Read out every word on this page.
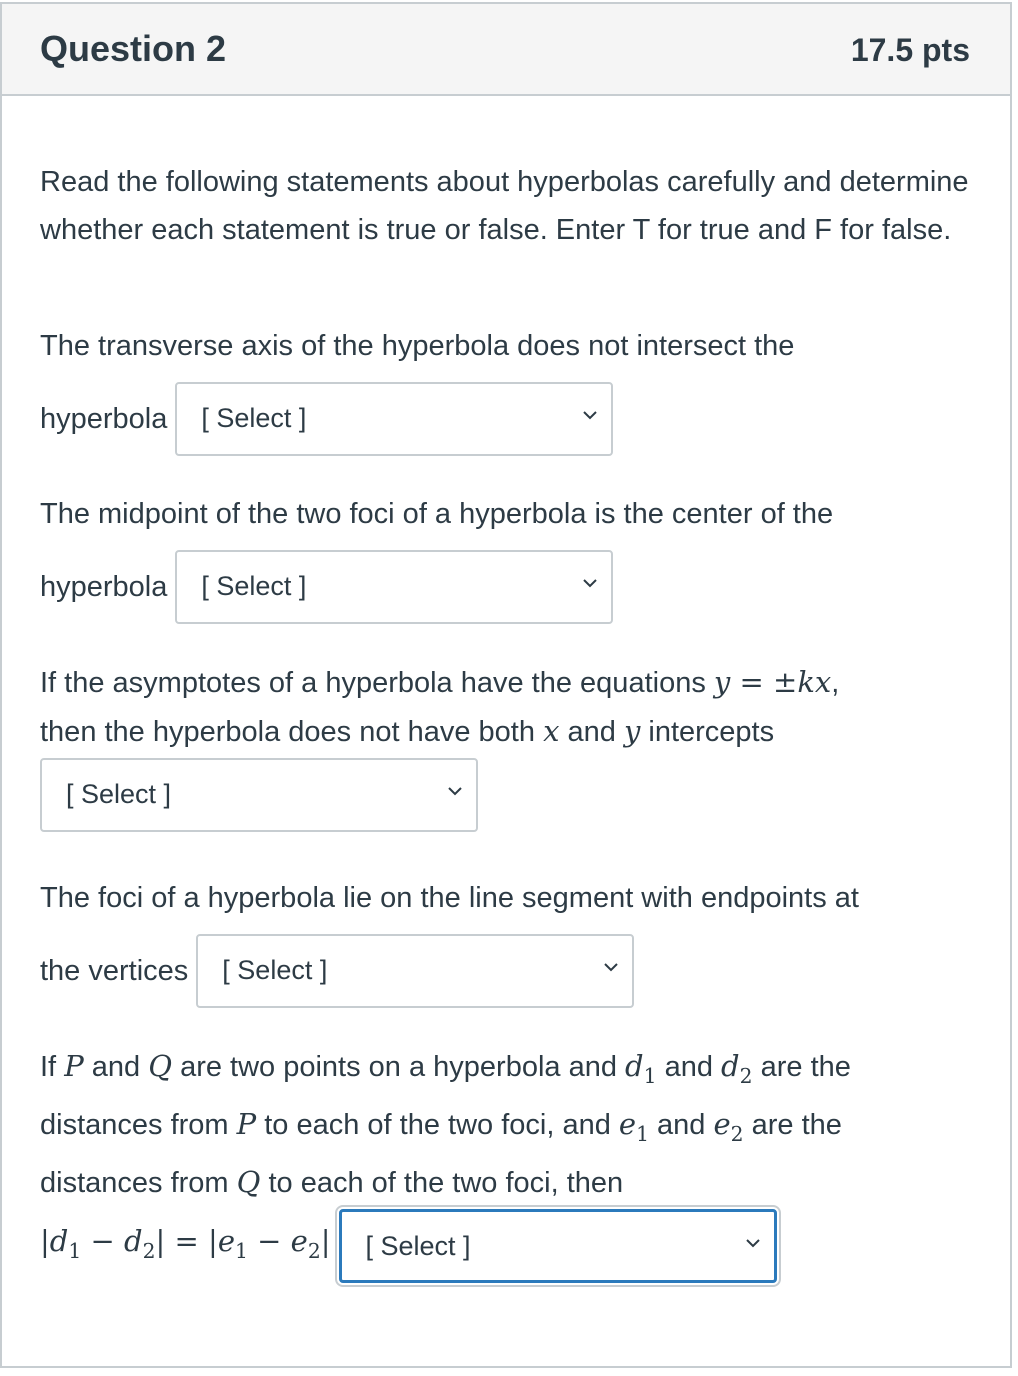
Question 2	17.5 pts
Read the following statements about hyperbolas carefully and determine whether each statement is true or false. Enter T for true and F for false.
The transverse axis of the hyperbola does not intersect the
hyperbola [ Select ]
The midpoint of the two foci of a hyperbola is the center of the
hyperbola [ Select ]
If the asymptotes of a hyperbola have the equations y = ±kx,
then the hyperbola does not have both x and y intercepts
[ Select ]
The foci of a hyperbola lie on the line segment with endpoints at
the vertices [ Select ]
If P and Q are two points on a hyperbola and $d_1$ and $d_2$ are the
distances from P to each of the two foci, and $e_1$ and $e_2$ are the
distances from Q to each of the two foci, then
$|d_1 - d_2| = |e_1 - e_2|$ [ Select ]
